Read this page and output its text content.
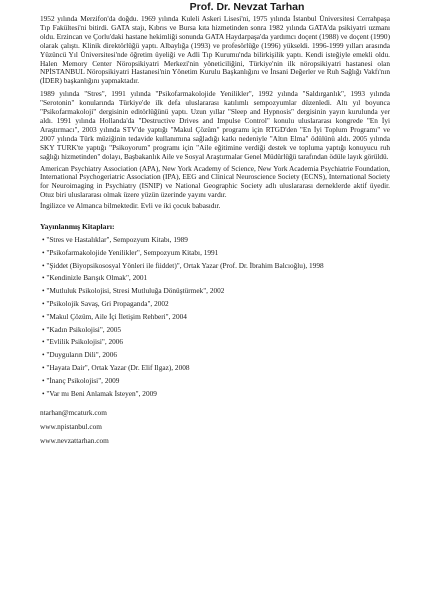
Prof. Dr. Nevzat Tarhan

1952 yılında Merzifon'da doğdu. 1969 yılında Kuleli Askeri Lisesi'ni, 1975 yılında İstanbul Üniversitesi Cerrahpaşa Tıp Fakültesi'ni bitirdi. GATA stajı, Kıbrıs ve Bursa kıta hizmetinden sonra 1982 yılında GATA'da psikiyatri uzmanı oldu. Erzincan ve Çorlu'daki hastane hekimliği sonunda GATA Haydarpaşa'da yardımcı doçent (1988) ve doçent (1990) olarak çalıştı. Klinik direktörlüğü yaptı. Albaylığa (1993) ve profesörlüğe (1996) yükseldi. 1996-1999 yılları arasında Yüzüncü Yıl Üniversitesi'nde öğretim üyeliği ve Adli Tıp Kurumu'nda bilirkişilik yaptı. Kendi isteğiyle emekli oldu. Halen Memory Center Nöropsikiyatri Merkezi'nin yöneticiliğini, Türkiye'nin ilk nöropsikiyatri hastanesi olan NPİSTANBUL Nöropsikiyatri Hastanesi'nin Yönetim Kurulu Başkanlığını ve İnsani Değerler ve Ruh Sağlığı Vakfı'nın (İDER) başkanlığını yapmaktadır.

1989 yılında "Stres", 1991 yılında "Psikofarmakolojide Yenilikler", 1992 yılında "Saldırganlık", 1993 yılında "Serotonin" konularında Türkiye'de ilk defa uluslararası katılımlı sempozyumlar düzenledi. Altı yıl boyunca "Psikofarmakoloji" dergisinin editörlüğünü yaptı. Uzun yıllar "Sleep and Hypnosis" dergisinin yayın kurulunda yer aldı. 1991 yılında Hollanda'da "Destructive Drives and Impulse Control" konulu uluslararası kongrede "En İyi Araştırmacı", 2003 yılında STV'de yaptığı "Makul Çözüm" programı için RTGD'den "En İyi Toplum Programı" ve 2007 yılında Türk müziğinin tedavide kullanımına sağladığı katkı nedeniyle "Altın Elma" ödülünü aldı. 2005 yılında SKY TURK'te yaptığı "Psikoyorum" programı için "Aile eğitimine verdiği destek ve topluma yaptığı konuyucu ruh sağlığı hizmetinden" dolayı, Başbakanlık Aile ve Sosyal Araştırmalar Genel Müdürlüğü tarafından ödüle layık görüldü.

American Psychiatry Association (APA), New York Academy of Science, New York Academia Psychiatrie Foundation, International Psychogeriatric Association (IPA), EEG and Clinical Neuroscience Society (ECNS), International Society for Neuroimaging in Psychiatry (ISNIP) ve National Geographic Society adlı uluslararası derneklerde aktif üyedir. Otuz biri uluslararası olmak üzere yüzün üzerinde yayını vardır.

İngilizce ve Almanca bilmektedir. Evli ve iki çocuk babasıdır.

Yayınlanmış Kitapları:
• "Stres ve Hastalıklar", Sempozyum Kitabı, 1989
• "Psikofarmakolojide Yenilikler", Sempozyum Kitabı, 1991
• "Şiddet (Biyopsikososyal Yönleri ile fiiddet)", Ortak Yazar (Prof. Dr. İbrahim Balcıoğlu), 1998
• "Kendinizle Barışık Olmak", 2001
• "Mutluluk Psikolojisi, Stresi Mutluluğa Dönüştürmek", 2002
• "Psikolojik Savaş, Gri Propaganda", 2002
• "Makul Çözüm, Aile İçi İletişim Rehberi", 2004
• "Kadın Psikolojisi", 2005
• "Evlilik Psikolojisi", 2006
• "Duyguların Dili", 2006
• "Hayata Dair", Ortak Yazar (Dr. Elif Ilgaz), 2008
• "İnanç Psikolojisi", 2009
• "Var mı Beni Anlamak İsteyen", 2009
ntarhan@mcaturk.com
www.npistanbul.com
www.nevzattarhan.com
